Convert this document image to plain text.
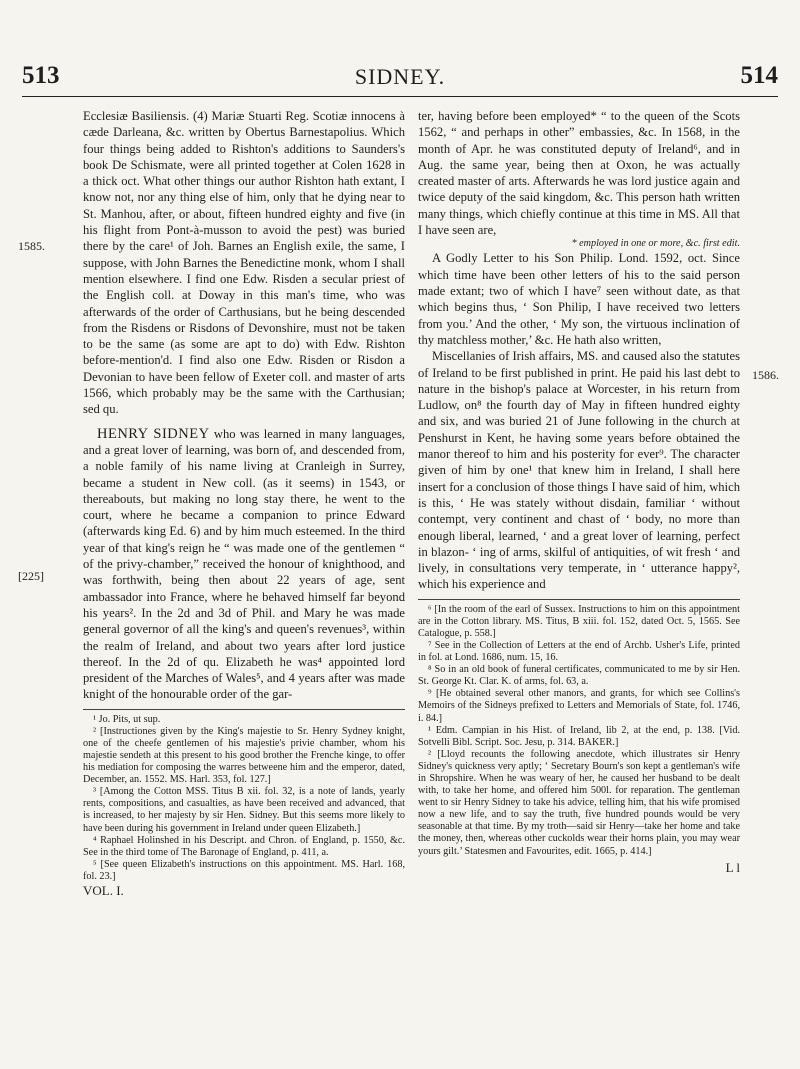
513	SIDNEY.	514
1585.
[225]
1586.

Ecclesiæ Basiliensis. (4) Mariæ Stuarti Reg. Scotiæ innocens à cæde Darleana, &c. written by Obertus Barnestapolius. Which four things being added to Rishton's additions to Saunders's book De Schismate, were all printed together at Colen 1628 in a thick oct. What other things our author Rishton hath extant, I know not, nor any thing else of him, only that he dying near to St. Manhou, after, or about, fifteen hundred eighty and five (in his flight from Pont-à-musson to avoid the pest) was buried there by the care¹ of Joh. Barnes an English exile, the same, I suppose, with John Barnes the Benedictine monk, whom I shall mention elsewhere. I find one Edw. Risden a secular priest of the English coll. at Doway in this man's time, who was afterwards of the order of Carthusians, but he being descended from the Risdens or Risdons of Devonshire, must not be taken to be the same (as some are apt to do) with Edw. Rishton before-mention'd. I find also one Edw. Risden or Risdon a Devonian to have been fellow of Exeter coll. and master of arts 1566, which probably may be the same with the Carthusian; sed qu.

HENRY SIDNEY who was learned in many languages, and a great lover of learning, was born of, and descended from, a noble family of his name living at Cranleigh in Surrey, became a student in New coll. (as it seems) in 1543, or thereabouts, but making no long stay there, he went to the court, where he became a companion to prince Edward (afterwards king Ed. 6) and by him much esteemed. In the third year of that king's reign he “ was made one of the gentlemen “ of the privy-chamber,” received the honour of knighthood, and was forthwith, being then about 22 years of age, sent ambassador into France, where he behaved himself far beyond his years². In the 2d and 3d of Phil. and Mary he was made general governor of all the king's and queen's revenues³, within the realm of Ireland, and about two years after lord justice thereof. In the 2d of qu. Elizabeth he was⁴ appointed lord president of the Marches of Wales⁵, and 4 years after was made knight of the honourable order of the gar-

¹ Jo. Pits, ut sup.

² [Instructiones given by the King's majestie to Sr. Henry Sydney knight, one of the cheefe gentlemen of his majestie's privie chamber, whom his majestie sendeth at this present to his good brother the Frenche kinge, to offer his mediation for composing the warres betweene him and the emperor, dated, December, an. 1552. MS. Harl. 353, fol. 127.]

³ [Among the Cotton MSS. Titus B xii. fol. 32, is a note of lands, yearly rents, compositions, and casualties, as have been received and advanced, that is increased, to her majesty by sir Hen. Sidney. But this seems more likely to have been during his government in Ireland under queen Elizabeth.]

⁴ Raphael Holinshed in his Descript. and Chron. of England, p. 1550, &c. See in the third tome of The Baronage of England, p. 411, a.

⁵ [See queen Elizabeth's instructions on this appointment. MS. Harl. 168, fol. 23.]

VOL. I.

ter, having before been employed* “ to the queen of the Scots 1562, “ and perhaps in other” embassies, &c. In 1568, in the month of Apr. he was constituted deputy of Ireland⁶, and in Aug. the same year, being then at Oxon, he was actually created master of arts. Afterwards he was lord justice again and twice deputy of the said kingdom, &c. This person hath written many things, which chiefly continue at this time in MS. All that I have seen are,

* employed in one or more, &c. first edit.

A Godly Letter to his Son Philip. Lond. 1592, oct. Since which time have been other letters of his to the said person made extant; two of which I have⁷ seen without date, as that which begins thus, ‘ Son Philip, I have received two letters from you.’ And the other, ‘ My son, the virtuous inclination of thy matchless mother,’ &c. He hath also written,

Miscellanies of Irish affairs, MS. and caused also the statutes of Ireland to be first published in print. He paid his last debt to nature in the bishop's palace at Worcester, in his return from Ludlow, on⁸ the fourth day of May in fifteen hundred eighty and six, and was buried 21 of June following in the church at Penshurst in Kent, he having some years before obtained the manor thereof to him and his posterity for ever⁹. The character given of him by one¹ that knew him in Ireland, I shall here insert for a conclusion of those things I have said of him, which is this, ‘ He was stately without disdain, familiar ‘ without contempt, very continent and chast of ‘ body, no more than enough liberal, learned, ‘ and a great lover of learning, perfect in blazon- ‘ ing of arms, skilful of antiquities, of wit fresh ‘ and lively, in consultations very temperate, in ‘ utterance happy², which his experience and

⁶ [In the room of the earl of Sussex. Instructions to him on this appointment are in the Cotton library. MS. Titus, B xiii. fol. 152, dated Oct. 5, 1565. See Catalogue, p. 558.]

⁷ See in the Collection of Letters at the end of Archb. Usher's Life, printed in fol. at Lond. 1686, num. 15, 16.

⁸ So in an old book of funeral certificates, communicated to me by sir Hen. St. George Kt. Clar. K. of arms, fol. 63, a.

⁹ [He obtained several other manors, and grants, for which see Collins's Memoirs of the Sidneys prefixed to Letters and Memorials of State, fol. 1746, i. 84.]

¹ Edm. Campian in his Hist. of Ireland, lib 2, at the end, p. 138. [Vid. Sotvelli Bibl. Script. Soc. Jesu, p. 314. BAKER.]

² [Lloyd recounts the following anecdote, which illustrates sir Henry Sidney's quickness very aptly; ‘ Secretary Bourn's son kept a gentleman's wife in Shropshire. When he was weary of her, he caused her husband to be dealt with, to take her home, and offered him 500l. for reparation. The gentleman went to sir Henry Sidney to take his advice, telling him, that his wife promised now a new life, and to say the truth, five hundred pounds would be very seasonable at that time. By my troth—said sir Henry—take her home and take the money, then, whereas other cuckolds wear their horns plain, you may wear yours gilt.’ Statesmen and Favourites, edit. 1665, p. 414.]

L l
